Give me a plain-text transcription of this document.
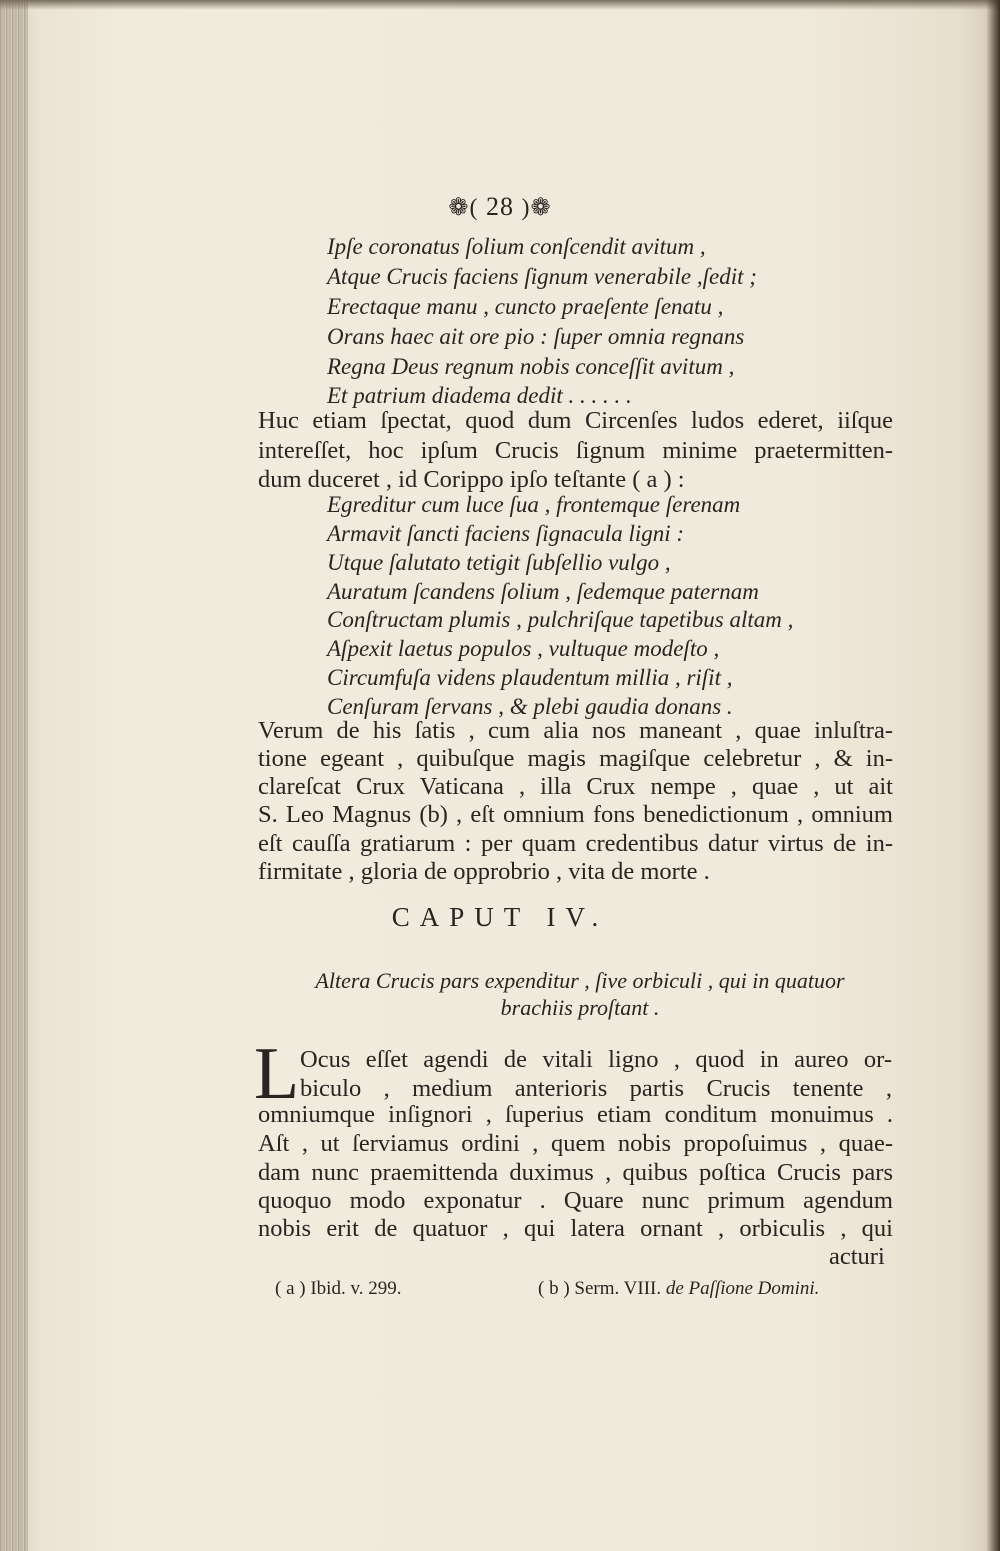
❁( 28 )❁
Ipſe coronatus ſolium conſcendit avitum ,
Atque Crucis faciens ſignum venerabile ,ſedit ;
Erectaque manu , cuncto praeſente ſenatu ,
Orans haec ait ore pio : ſuper omnia regnans
Regna Deus regnum nobis conceſſit avitum ,
Et patrium diadema dedit . . . . . .
Huc etiam ſpectat, quod dum Circenſes ludos ederet, iiſque
intereſſet, hoc ipſum Crucis ſignum minime praetermitten-
dum duceret , id Corippo ipſo teſtante ( a ) :
Egreditur cum luce ſua , frontemque ſerenam
Armavit ſancti faciens ſignacula ligni :
Utque ſalutato tetigit ſubſellio vulgo ,
Auratum ſcandens ſolium , ſedemque paternam
Conſtructam plumis , pulchriſque tapetibus altam ,
Aſpexit laetus populos , vultuque modeſto ,
Circumfuſa videns plaudentum millia , riſit ,
Cenſuram ſervans , & plebi gaudia donans .
Verum de his ſatis , cum alia nos maneant , quae inluſtra-
tione egeant , quibuſque magis magiſque celebretur , & in-
clareſcat Crux Vaticana , illa Crux nempe , quae , ut ait
S. Leo Magnus (b) , eſt omnium fons benedictionum , omnium
eſt cauſſa gratiarum : per quam credentibus datur virtus de in-
firmitate , gloria de opprobrio , vita de morte .
CAPUT IV.
Altera Crucis pars expenditur , ſive orbiculi , qui in quatuor
brachiis proſtant .
L Ocus eſſet agendi de vitali ligno , quod in aureo or-
biculo , medium anterioris partis Crucis tenente ,
omniumque inſignori , ſuperius etiam conditum monuimus .
Aſt , ut ſerviamus ordini , quem nobis propoſuimus , quae-
dam nunc praemittenda duximus , quibus poſtica Crucis pars
quoquo modo exponatur . Quare nunc primum agendum
nobis erit de quatuor , qui latera ornant , orbiculis , qui
acturi
( a ) Ibid. v. 299.	( b ) Serm. VIII. de Paſſione Domini.
